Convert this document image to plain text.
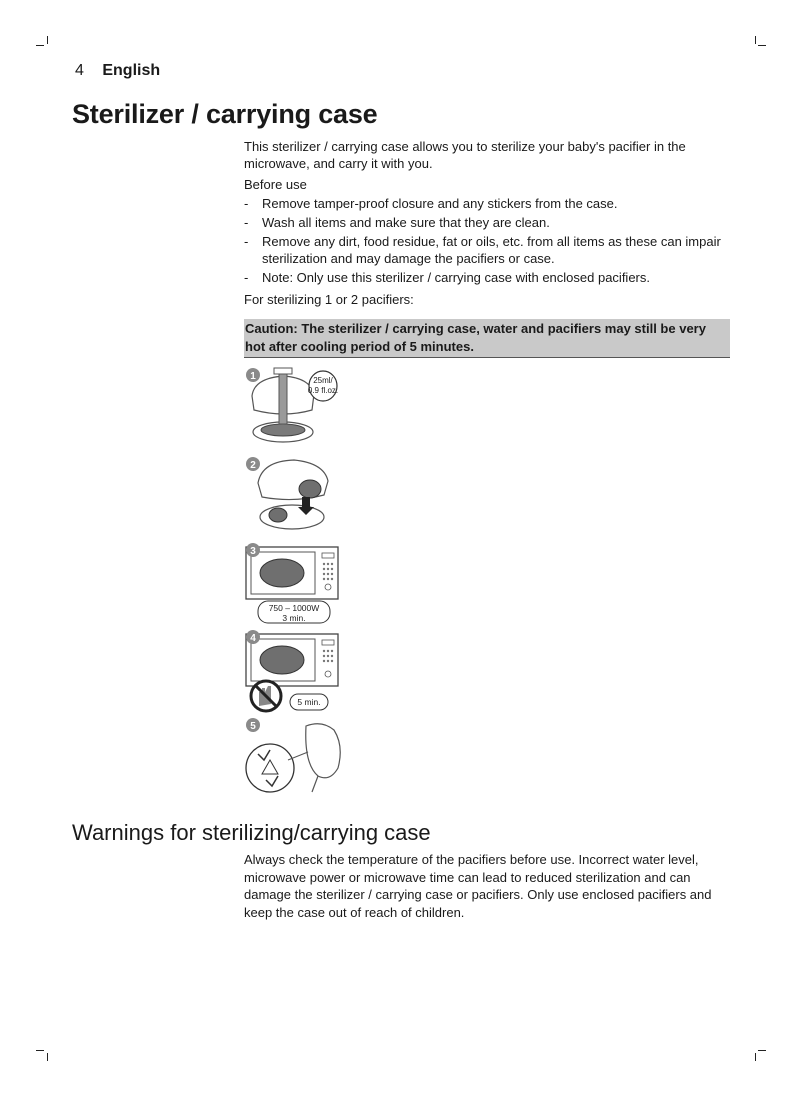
4 English
Sterilizer / carrying case

This sterilizer / carrying case allows you to sterilize your baby's pacifier in the microwave, and carry it with you.

Before use

- Remove tamper-proof closure and any stickers from the case.
- Wash all items and make sure that they are clean.
- Remove any dirt, food residue, fat or oils, etc. from all items as these can impair sterilization and may damage the pacifiers or case.
- Note: Only use this sterilizer / carrying case with enclosed pacifiers.

For sterilizing 1 or 2 pacifiers:

Caution: The sterilizer / carrying case, water and pacifiers may still be very hot after cooling period of 5 minutes.
1	25ml/
0.9 fl.oz.
2
3
750 – 1000W
3 min.
4
5 min.
5
Warnings for sterilizing/carrying case

Always check the temperature of the pacifiers before use. Incorrect water level, microwave power or microwave time can lead to reduced sterilization and can damage the sterilizer / carrying case or pacifiers. Only use enclosed pacifiers and keep the case out of reach of children.
